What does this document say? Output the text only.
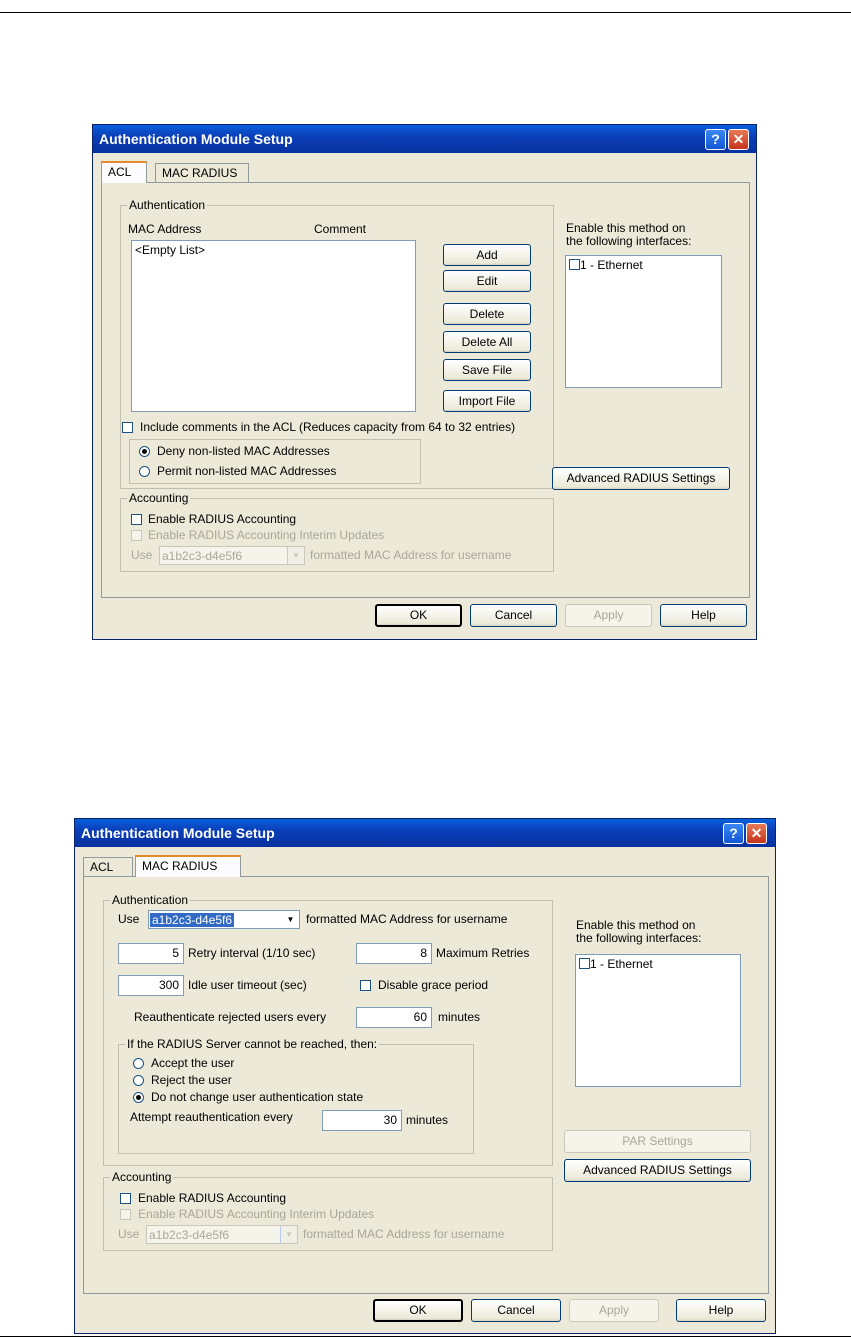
Authentication Module Setup	? ✕
ACL	MAC RADIUS
Authentication
MAC Address	Comment
<Empty List>	Add
Edit
Delete
Delete All
Save File
Import File
Include comments in the ACL (Reduces capacity from 64 to 32 entries)
Deny non-listed MAC Addresses
Permit non-listed MAC Addresses
Enable this method on
the following interfaces:
1 - Ethernet
Advanced RADIUS Settings
Accounting
Enable RADIUS Accounting
Enable RADIUS Accounting Interim Updates
Use a1b2c3-d4e5f6	▼ formatted MAC Address for username
OK	Cancel	Apply	Help
Authentication Module Setup	? ✕
ACL	MAC RADIUS
Authentication
Use a1b2c3-d4e5f6	▼ formatted MAC Address for username
5 Retry interval (1/10 sec)	8 Maximum Retries
300 Idle user timeout (sec)	Disable grace period
Reauthenticate rejected users every	60 minutes
If the RADIUS Server cannot be reached, then:
Accept the user
Reject the user
Do not change user authentication state
Attempt reauthentication every	30 minutes
Enable this method on
the following interfaces:
1 - Ethernet
PAR Settings
Advanced RADIUS Settings
Accounting
Enable RADIUS Accounting
Enable RADIUS Accounting Interim Updates
Use a1b2c3-d4e5f6	▼ formatted MAC Address for username
OK	Cancel	Apply	Help
